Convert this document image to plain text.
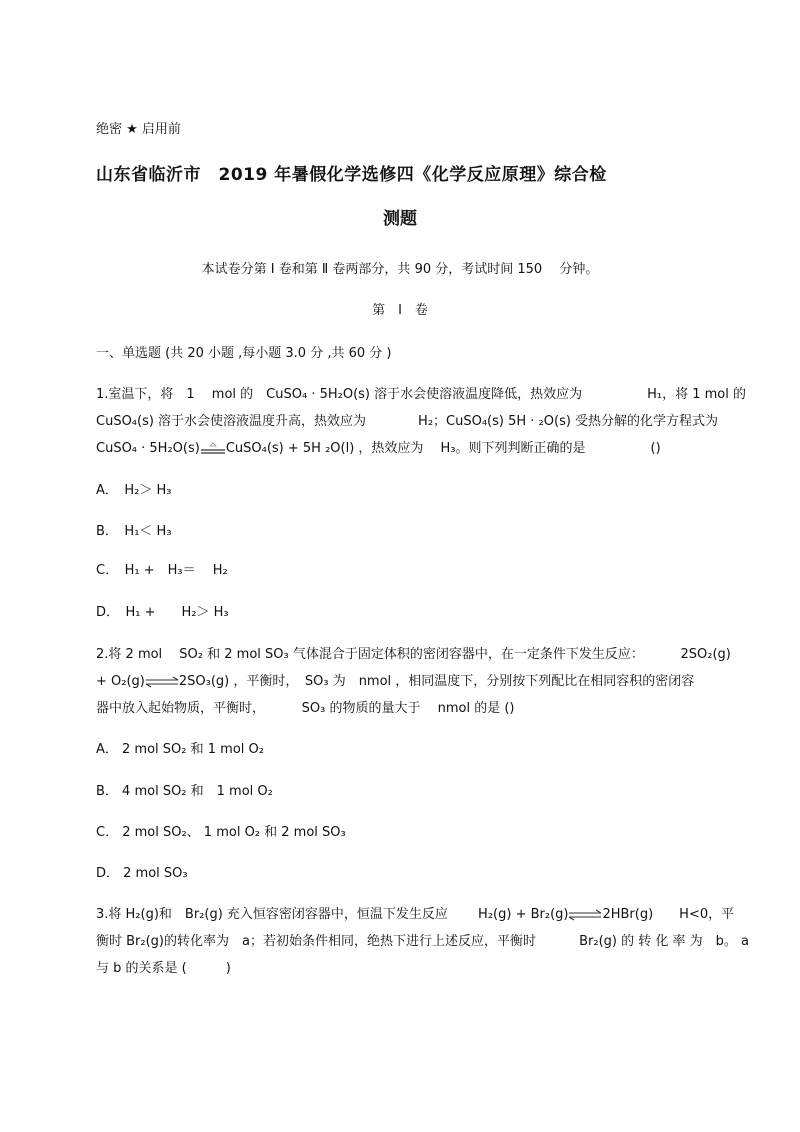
绝密 ★ 启用前
山东省临沂市　2019 年暑假化学选修四《化学反应原理》综合检
测题
本试卷分第 Ⅰ 卷和第 Ⅱ 卷两部分，共 90 分，考试时间 150　 分钟。
第　Ⅰ　卷
一、单选题 (共 20 小题 ,每小题 3.0 分 ,共 60 分 )
1.室温下，将　1　 mol 的　CuSO₄ · 5H₂O(s) 溶于水会使溶液温度降低，热效应为　　　　　H₁，将 1 mol 的
CuSO₄(s) 溶于水会使溶液温度升高，热效应为　　　　H₂；CuSO₄(s) 5H · ₂O(s) 受热分解的化学方程式为
CuSO₄ · 5H₂O(s) CuSO₄(s) + 5H ₂O(l) ，热效应为　 H₃。则下列判断正确的是　　　　　()
A．　H₂＞ H₃
B．　H₁＜ H₃
C．　H₁ +　H₃＝　 H₂
D．　H₁ +　　H₂＞ H₃
2.将 2 mol　 SO₂ 和 2 mol SO₃ 气体混合于固定体积的密闭容器中，在一定条件下发生反应：　　　 2SO₂(g)
+ O₂(g)⇌2SO₃(g) ，平衡时，　SO₃ 为　nmol ，相同温度下，分别按下列配比在相同容积的密闭容
器中放入起始物质，平衡时，　　　 SO₃ 的物质的量大于　 nmol 的是 ()
A． 2 mol SO₂ 和 1 mol O₂
B． 4 mol SO₂ 和　1 mol O₂
C． 2 mol SO₂、 1 mol O₂ 和 2 mol SO₃
D． 2 mol SO₃
3.将 H₂(g)和　Br₂(g) 充入恒容密闭容器中，恒温下发生反应　　 H₂(g) + Br₂(g)⇌2HBr(g)　　H<0，平
衡时 Br₂(g)的转化率为　a；若初始条件相同，绝热下进行上述反应，平衡时　　　 Br₂(g) 的 转 化 率 为　b。 a
与 b 的关系是 (　　　)
